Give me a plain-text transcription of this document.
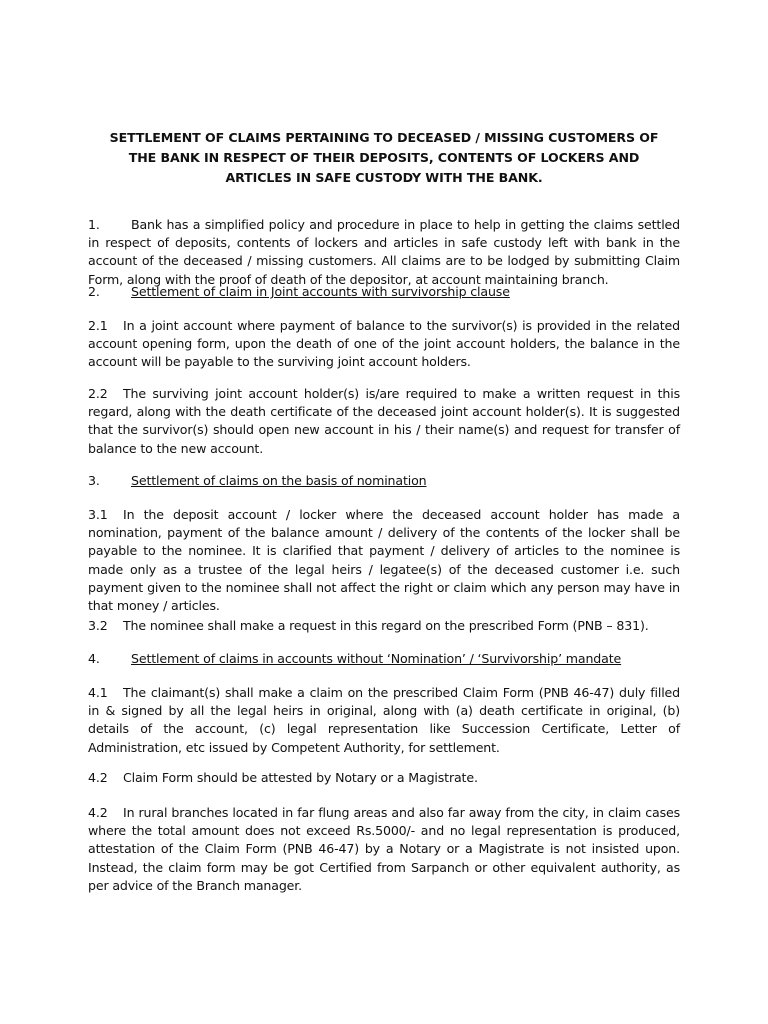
SETTLEMENT OF CLAIMS PERTAINING TO DECEASED / MISSING CUSTOMERS OF
THE BANK IN RESPECT OF THEIR DEPOSITS, CONTENTS OF LOCKERS AND
ARTICLES IN SAFE CUSTODY WITH THE BANK.

1. Bank has a simplified policy and procedure in place to help in getting the claims settled in respect of deposits, contents of lockers and articles in safe custody left with bank in the account of the deceased / missing customers. All claims are to be lodged by submitting Claim Form, along with the proof of death of the depositor, at account maintaining branch.

2. Settlement of claim in Joint accounts with survivorship clause

2.1 In a joint account where payment of balance to the survivor(s) is provided in the related account opening form, upon the death of one of the joint account holders, the balance in the account will be payable to the surviving joint account holders.

2.2 The surviving joint account holder(s) is/are required to make a written request in this regard, along with the death certificate of the deceased joint account holder(s). It is suggested that the survivor(s) should open new account in his / their name(s) and request for transfer of balance to the new account.

3. Settlement of claims on the basis of nomination

3.1 In the deposit account / locker where the deceased account holder has made a nomination, payment of the balance amount / delivery of the contents of the locker shall be payable to the nominee. It is clarified that payment / delivery of articles to the nominee is made only as a trustee of the legal heirs / legatee(s) of the deceased customer i.e. such payment given to the nominee shall not affect the right or claim which any person may have in that money / articles.

3.2 The nominee shall make a request in this regard on the prescribed Form (PNB – 831).

4. Settlement of claims in accounts without ‘Nomination’ / ‘Survivorship’ mandate

4.1 The claimant(s) shall make a claim on the prescribed Claim Form (PNB 46-47) duly filled in & signed by all the legal heirs in original, along with (a) death certificate in original, (b) details of the account, (c) legal representation like Succession Certificate, Letter of Administration, etc issued by Competent Authority, for settlement.

4.2 Claim Form should be attested by Notary or a Magistrate.

4.2 In rural branches located in far flung areas and also far away from the city, in claim cases where the total amount does not exceed Rs.5000/- and no legal representation is produced, attestation of the Claim Form (PNB 46-47) by a Notary or a Magistrate is not insisted upon. Instead, the claim form may be got Certified from Sarpanch or other equivalent authority, as per advice of the Branch manager.
